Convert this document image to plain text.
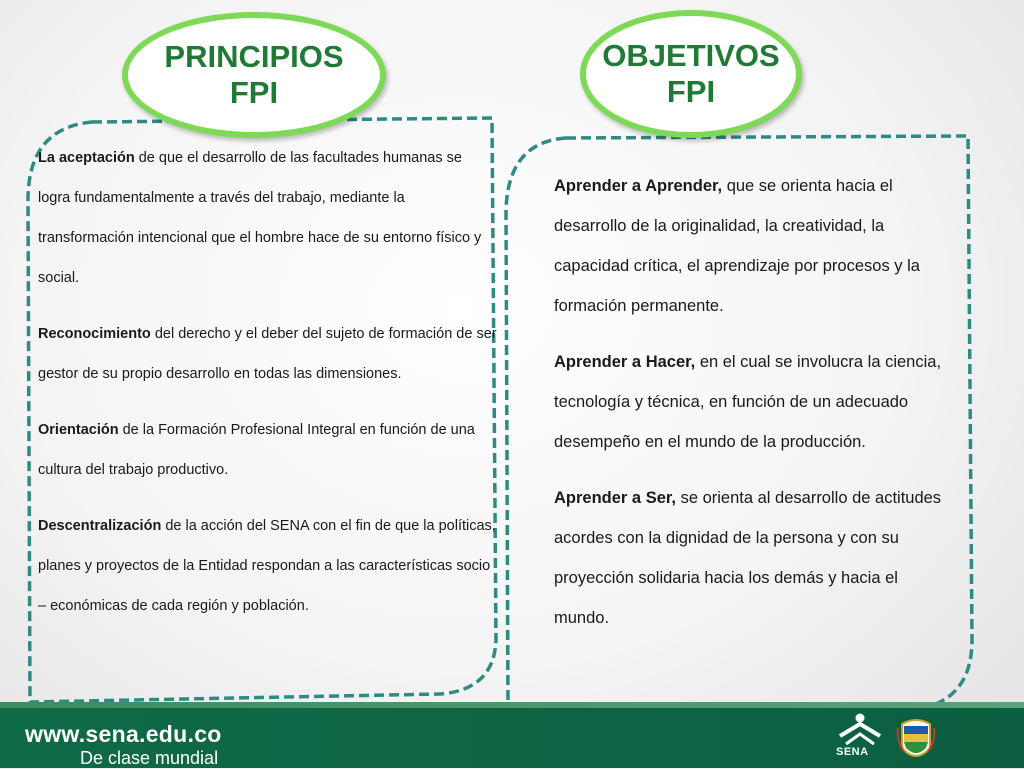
PRINCIPIOS
FPI
OBJETIVOS
FPI

La aceptación de que el desarrollo de las facultades humanas se logra fundamentalmente a través del trabajo, mediante la transformación intencional que el hombre hace de su entorno físico y social.

Reconocimiento del derecho y el deber del sujeto de formación de ser gestor de su propio desarrollo en todas las dimensiones.

Orientación de la Formación Profesional Integral en función de una cultura del trabajo productivo.

Descentralización de la acción del SENA con el fin de que la políticas, planes y proyectos de la Entidad respondan a las características socio – económicas de cada región y población.

Aprender a Aprender, que se orienta hacia el desarrollo de la originalidad, la creatividad, la capacidad crítica, el aprendizaje por procesos y la formación permanente.

Aprender a Hacer, en el cual se involucra la ciencia, tecnología y técnica, en función de un adecuado desempeño en el mundo de la producción.

Aprender a Ser, se orienta al desarrollo de actitudes acordes con la dignidad de la persona y con su proyección solidaria hacia los demás y hacia el mundo.

www.sena.edu.co
De clase mundial	SENA
